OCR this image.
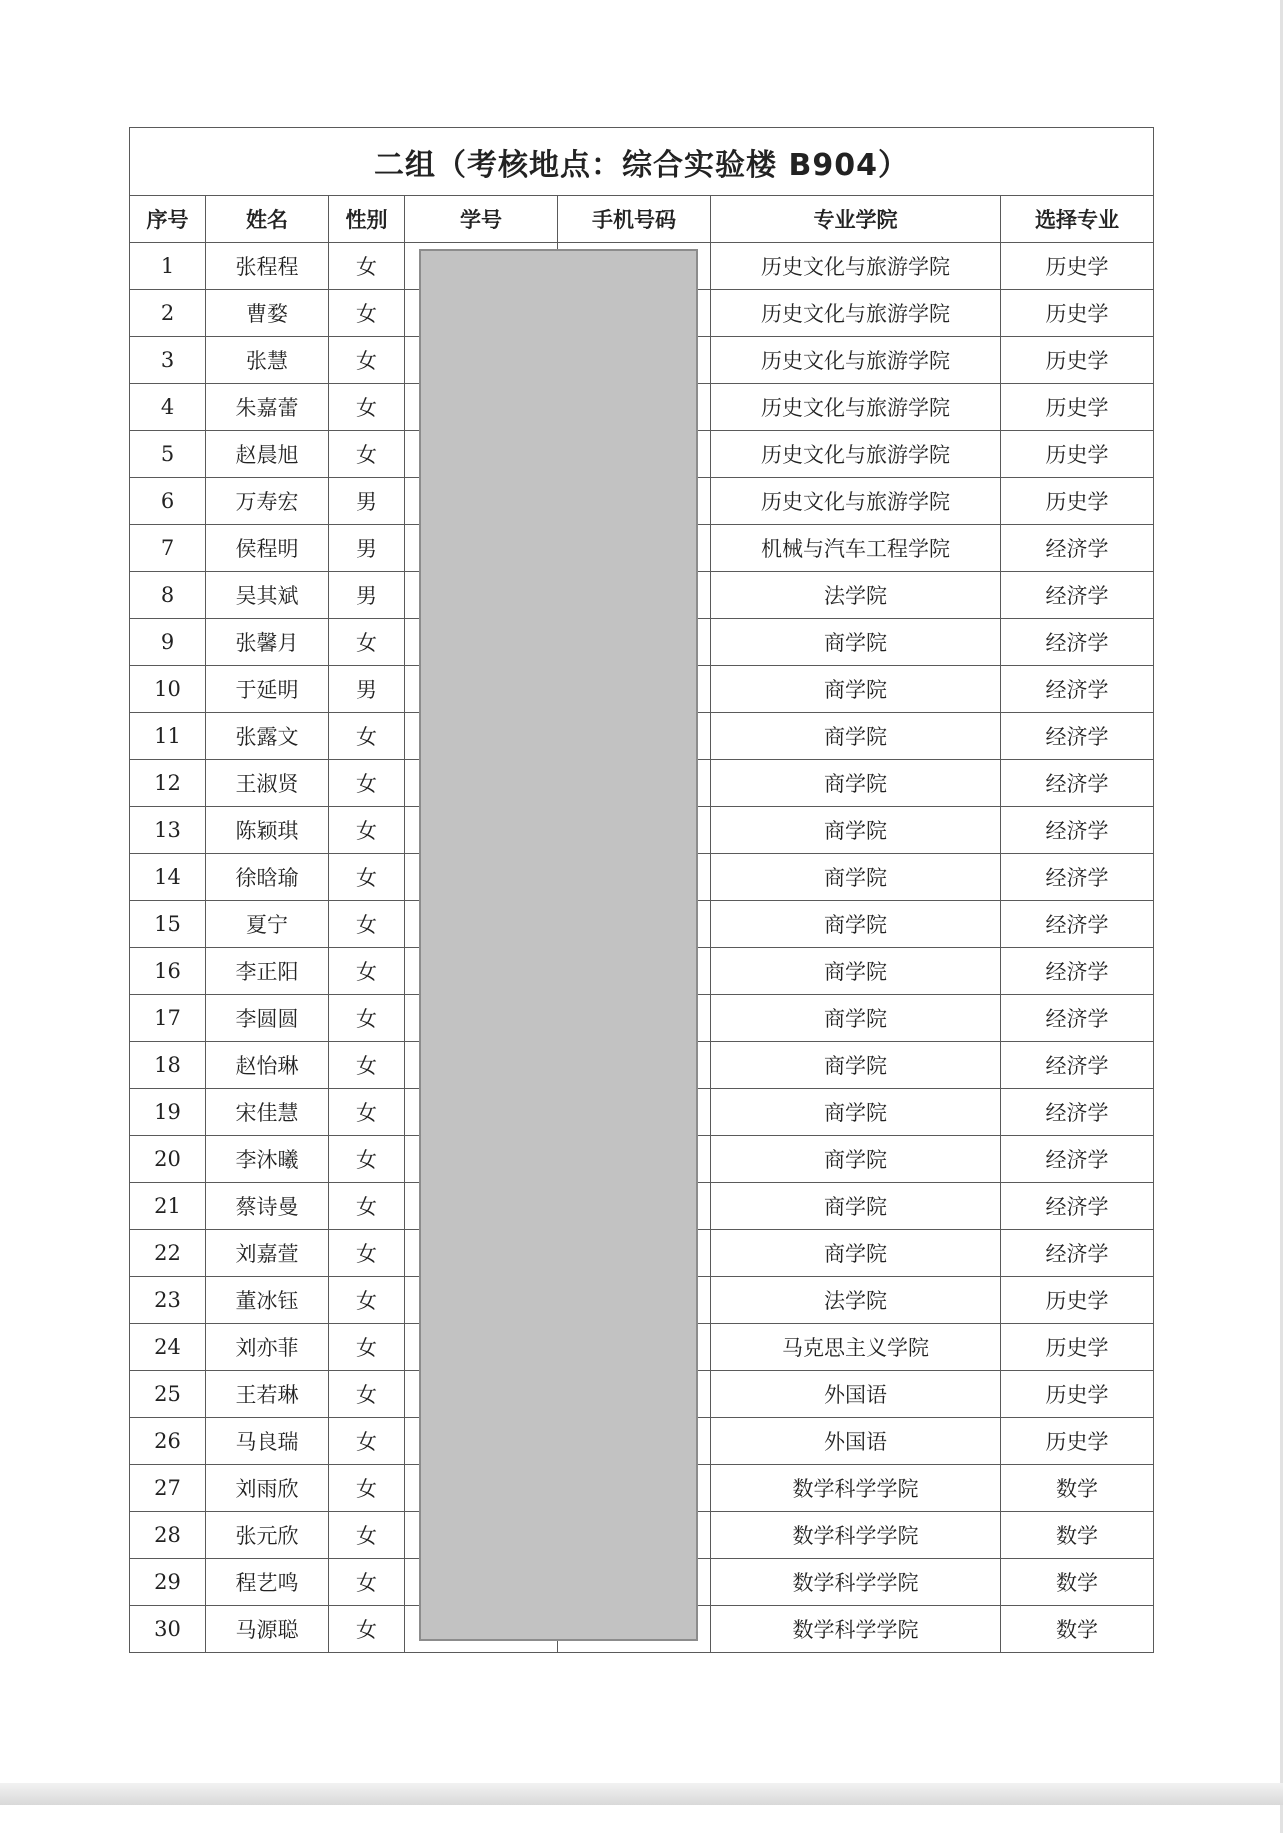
二组（考核地点：综合实验楼 B904）						
序号	姓名	性别	学号	手机号码	专业学院	选择专业
1	张程程	女			历史文化与旅游学院	历史学
2	曹婺	女			历史文化与旅游学院	历史学
3	张慧	女			历史文化与旅游学院	历史学
4	朱嘉蕾	女			历史文化与旅游学院	历史学
5	赵晨旭	女			历史文化与旅游学院	历史学
6	万寿宏	男			历史文化与旅游学院	历史学
7	侯程明	男			机械与汽车工程学院	经济学
8	吴其斌	男			法学院	经济学
9	张馨月	女			商学院	经济学
10	于延明	男			商学院	经济学
11	张露文	女			商学院	经济学
12	王淑贤	女			商学院	经济学
13	陈颖琪	女			商学院	经济学
14	徐晗瑜	女			商学院	经济学
15	夏宁	女			商学院	经济学
16	李正阳	女			商学院	经济学
17	李圆圆	女			商学院	经济学
18	赵怡琳	女			商学院	经济学
19	宋佳慧	女			商学院	经济学
20	李沐曦	女			商学院	经济学
21	蔡诗曼	女			商学院	经济学
22	刘嘉萱	女			商学院	经济学
23	董冰钰	女			法学院	历史学
24	刘亦菲	女			马克思主义学院	历史学
25	王若琳	女			外国语	历史学
26	马良瑞	女			外国语	历史学
27	刘雨欣	女			数学科学学院	数学
28	张元欣	女			数学科学学院	数学
29	程艺鸣	女			数学科学学院	数学
30	马源聪	女			数学科学学院	数学
